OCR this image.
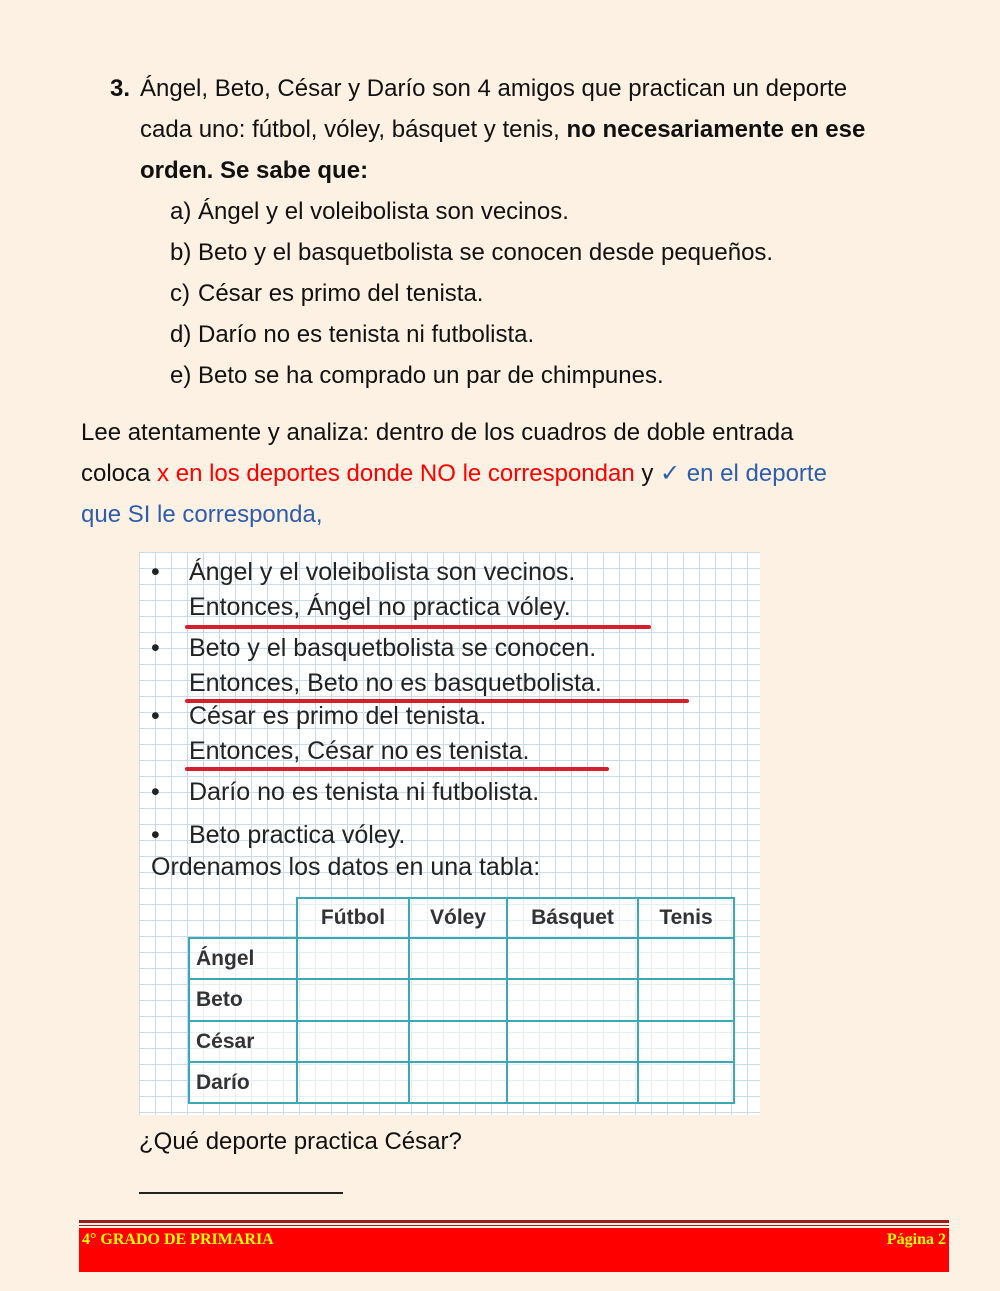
3. Ángel, Beto, César y Darío son 4 amigos que practican un deporte
cada uno: fútbol, vóley, básquet y tenis, no necesariamente en ese
orden. Se sabe que:
a) Ángel y el voleibolista son vecinos.
b) Beto y el basquetbolista se conocen desde pequeños.
c) César es primo del tenista.
d) Darío no es tenista ni futbolista.
e) Beto se ha comprado un par de chimpunes.
Lee atentamente y analiza: dentro de los cuadros de doble entrada
coloca x en los deportes donde NO le correspondan y ✓ en el deporte
que SI le corresponda,
• Ángel y el voleibolista son vecinos.
Entonces, Ángel no practica vóley.
• Beto y el basquetbolista se conocen.
Entonces, Beto no es basquetbolista.
• César es primo del tenista.
Entonces, César no es tenista.
• Darío no es tenista ni futbolista.
• Beto practica vóley.
Ordenamos los datos en una tabla:
Fútbol	Vóley	Básquet	Tenis
Ángel
Beto
César
Darío
¿Qué deporte practica César?
4° GRADO DE PRIMARIA	Página 2
